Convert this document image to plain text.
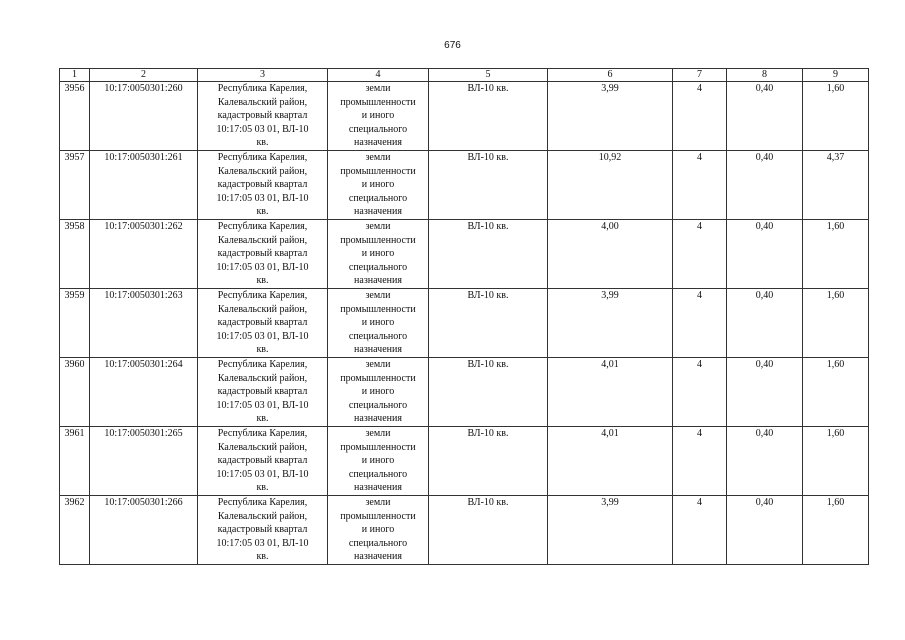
676
1	2	3	4	5	6	7	8	9
3956	10:17:0050301:260	Республика Карелия,
Калевальский район,
кадастровый квартал
10:17:05 03 01, ВЛ-10
кв.	земли
промышленности
и иного
специального
назначения	ВЛ-10 кв.	3,99	4	0,40	1,60
3957	10:17:0050301:261	Республика Карелия,
Калевальский район,
кадастровый квартал
10:17:05 03 01, ВЛ-10
кв.	земли
промышленности
и иного
специального
назначения	ВЛ-10 кв.	10,92	4	0,40	4,37
3958	10:17:0050301:262	Республика Карелия,
Калевальский район,
кадастровый квартал
10:17:05 03 01, ВЛ-10
кв.	земли
промышленности
и иного
специального
назначения	ВЛ-10 кв.	4,00	4	0,40	1,60
3959	10:17:0050301:263	Республика Карелия,
Калевальский район,
кадастровый квартал
10:17:05 03 01, ВЛ-10
кв.	земли
промышленности
и иного
специального
назначения	ВЛ-10 кв.	3,99	4	0,40	1,60
3960	10:17:0050301:264	Республика Карелия,
Калевальский район,
кадастровый квартал
10:17:05 03 01, ВЛ-10
кв.	земли
промышленности
и иного
специального
назначения	ВЛ-10 кв.	4,01	4	0,40	1,60
3961	10:17:0050301:265	Республика Карелия,
Калевальский район,
кадастровый квартал
10:17:05 03 01, ВЛ-10
кв.	земли
промышленности
и иного
специального
назначения	ВЛ-10 кв.	4,01	4	0,40	1,60
3962	10:17:0050301:266	Республика Карелия,
Калевальский район,
кадастровый квартал
10:17:05 03 01, ВЛ-10
кв.	земли
промышленности
и иного
специального
назначения	ВЛ-10 кв.	3,99	4	0,40	1,60
